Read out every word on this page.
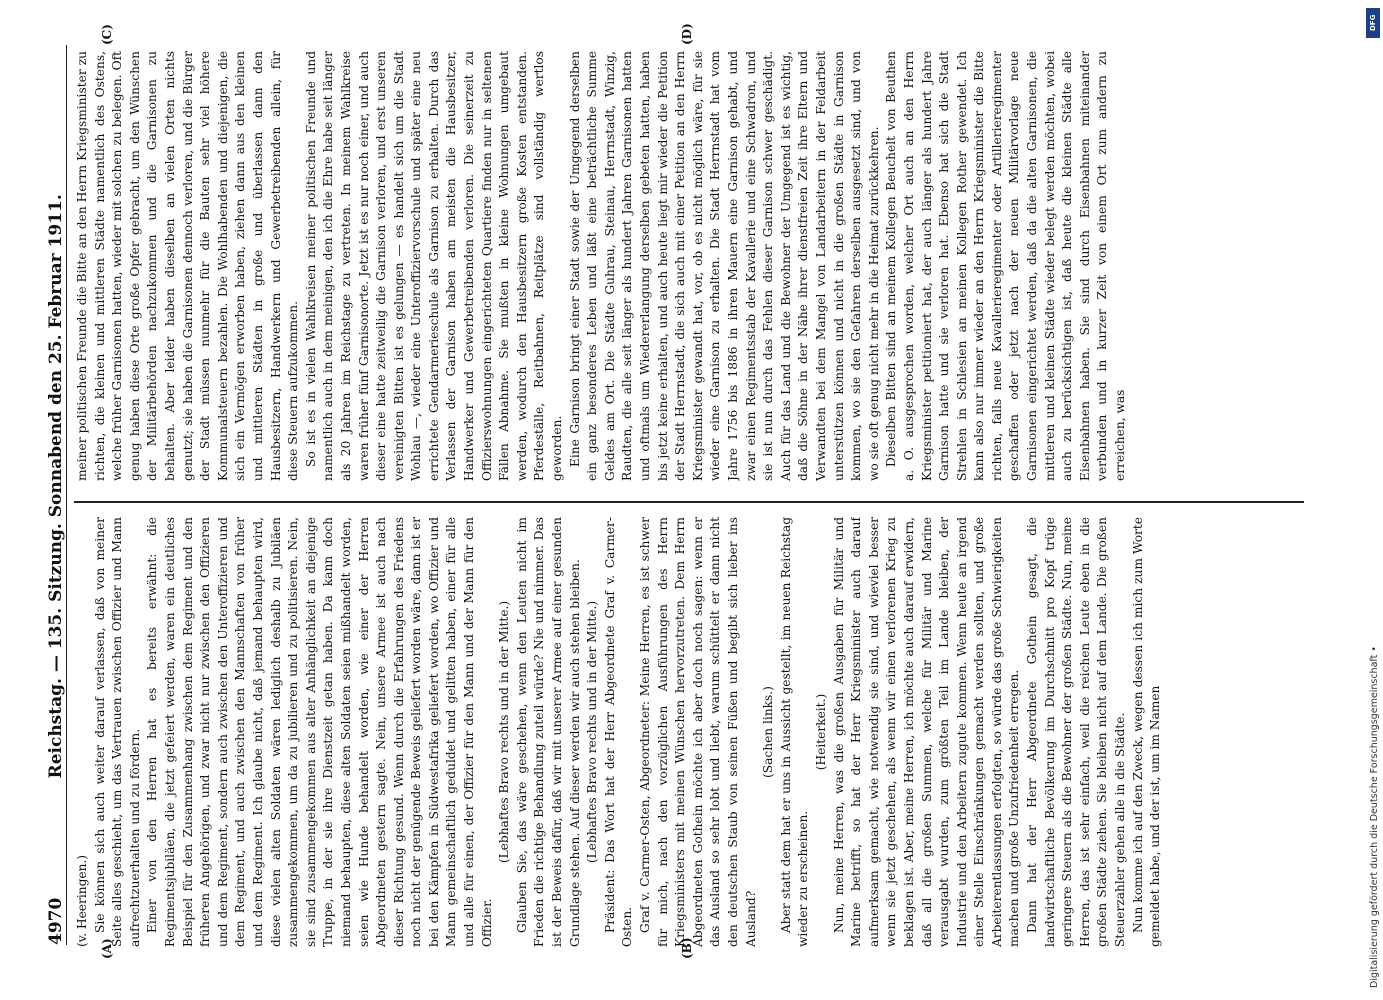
4970
Reichstag. — 135. Sitzung. Sonnabend den 25. Februar 1911.

(v. Heeringen.) Sie können sich auch weiter darauf verlassen, daß von meiner Seite alles geschieht, um das Vertrauen zwischen Offizier und Mann aufrechtzuerhalten und zu fördern. Einer von den Herren hat es bereits erwähnt: die Regimentsjubiläen, die jetzt gefeiert werden, waren ein deutliches Beispiel für den Zusammenhang zwischen dem Regiment und den früheren Angehörigen, und zwar nicht nur zwischen den Offizieren und dem Regiment, sondern auch zwischen den Unteroffizieren und dem Regiment, und auch zwischen den Mannschaften von früher und dem Regiment. Ich glaube nicht, daß jemand behaupten wird, diese vielen alten Soldaten wären lediglich deshalb zu Jubiläen zusammengekommen, um da zu jubilieren und zu politisieren. Nein, sie sind zusammengekommen aus alter Anhänglichkeit an diejenige Truppe, in der sie ihre Dienstzeit getan haben. Da kann doch niemand behaupten, diese alten Soldaten seien mißhandelt worden, seien wie Hunde behandelt worden, wie einer der Herren Abgeordneten gestern sagte. Nein, unsere Armee ist auch nach dieser Richtung gesund. Wenn durch die Erfahrungen des Friedens noch nicht der genügende Beweis geliefert worden wäre, dann ist er bei den Kämpfen in Südwestafrika geliefert worden, wo Offizier und Mann gemeinschaftlich geduldet und gelitten haben, einer für alle und alle für einen, der Offizier für den Mann und der Mann für den Offizier.

(Lebhaftes Bravo rechts und in der Mitte.) Glauben Sie, das wäre geschehen, wenn den Leuten nicht im Frieden die richtige Behandlung zuteil würde? Nie und nimmer. Das ist der Beweis dafür, daß wir mit unserer Armee auf einer gesunden Grundlage stehen. Auf dieser werden wir auch stehen bleiben. (Lebhaftes Bravo rechts und in der Mitte.) Präsident: Das Wort hat der Herr Abgeordnete Graf v. Carmer-Osten. Graf v. Carmer-Osten, Abgeordneter: Meine Herren, es ist schwer für mich, nach den vorzüglichen Ausführungen des Herrn Kriegsministers mit meinen Wünschen hervorzutreten. Dem Herrn Abgeordneten Gothein möchte ich aber doch noch sagen: wenn er das Ausland so sehr lobt und liebt, warum schüttelt er dann nicht den deutschen Staub von seinen Füßen und begibt sich lieber ins Ausland?

(Sachen links.) Aber statt dem hat er uns in Aussicht gestellt, im neuen Reichstag wieder zu erscheinen.

(Heiterkeit.) Nun, meine Herren, was die großen Ausgaben für Militär und Marine betrifft, so hat der Herr Kriegsminister auch darauf aufmerksam gemacht, wie notwendig sie sind, und wieviel besser wenn sie jetzt geschehen, als wenn wir einen verlorenen Krieg zu beklagen ist. Aber, meine Herren, ich möchte auch darauf erwidern, daß all die großen Summen, welche für Militär und Marine verausgabt wurden, zum größten Teil im Lande bleiben, der Industrie und den Arbeitern zugute kommen. Wenn heute an irgend einer Stelle Einschränkungen gemacht werden sollten, und große Arbeiterentlassungen erfolgten, so würde das große Schwierigkeiten machen und große Unzufriedenheit erregen. Dann hat der Herr Abgeordnete Gothein gesagt, die landwirtschaftliche Bevölkerung im Durchschnitt pro Kopf trüge geringere Steuern als die Bewohner der großen Städte. Nun, meine Herren, das ist sehr einfach, weil die reichen Leute eben in die großen Städte ziehen. Sie bleiben nicht auf dem Lande. Die großen Steuerzahler gehen alle in die Städte. Nun komme ich auf den Zweck, wegen dessen ich mich zum Worte gemeldet habe, und der ist, um im Namen

meiner politischen Freunde die Bitte an den Herrn Kriegsminister zu richten, die kleinen und mittleren Städte namentlich des Ostens, welche früher Garnisonen hatten, wieder mit solchen zu belegen. Oft genug haben diese Orte große Opfer gebracht, um den Wünschen der Militärbehörden nachzukommen und die Garnisonen zu behalten. Aber leider haben dieselben an vielen Orten nichts genutzt; sie haben die Garnisonen dennoch verloren, und die Bürger der Stadt müssen nunmehr für die Bauten sehr viel höhere Kommunalsteuern bezahlen. Die Wohlhabenden und diejenigen, die sich ein Vermögen erworben haben, ziehen dann aus den kleinen und mittleren Städten in große und überlassen dann den Hausbesitzern, Handwerkern und Gewerbetreibenden allein, für diese Steuern aufzukommen. So ist es in vielen Wahlkreisen meiner politischen Freunde und namentlich auch in dem meinigen, den ich die Ehre habe seit länger als 20 Jahren im Reichstage zu vertreten. In meinem Wahlkreise waren früher fünf Garnisonorte. Jetzt ist es nur noch einer, und auch dieser eine hatte zeitweilig die Garnison verloren, und erst unseren vereinigten Bitten ist es gelungen — es handelt sich um die Stadt Wohlau —, wieder eine Unteroffiziervorschule und später eine neu errichtete Gendarmerieschule als Garnison zu erhalten. Durch das Verlassen der Garnison haben am meisten die Hausbesitzer, Handwerker und Gewerbetreibenden verloren. Die seinerzeit zu Offizierswohnungen eingerichteten Quartiere finden nur in seltenen Fällen Abnahme. Sie mußten in kleine Wohnungen umgebaut werden, wodurch den Hausbesitzern große Kosten entstanden. Pferdeställe, Reitbahnen, Reitplätze sind vollständig wertlos geworden. Eine Garnison bringt einer Stadt sowie der Umgegend derselben ein ganz besonderes Leben und läßt eine beträchtliche Summe Geldes am Ort. Die Städte Guhrau, Steinau, Herrnstadt, Winzig, Raudten, die alle seit länger als hundert Jahren Garnisonen hatten und oftmals um Wiedererlangung derselben gebeten hatten, haben bis jetzt keine erhalten, und auch heute liegt mir wieder die Petition der Stadt Herrnstadt, die sich auch mit einer Petition an den Herrn Kriegsminister gewandt hat, vor, ob es nicht möglich wäre, für sie wieder eine Garnison zu erhalten. Die Stadt Herrnstadt hat vom Jahre 1756 bis 1886 in ihren Mauern eine Garnison gehabt, und zwar einen Regimentsstab der Kavallerie und eine Schwadron, und sie ist nun durch das Fehlen dieser Garnison schwer geschädigt. Auch für das Land und die Bewohner der Umgegend ist es wichtig, daß die Söhne in der Nähe ihrer dienstfreien Zeit ihre Eltern und Verwandten bei dem Mangel von Landarbeitern in der Feldarbeit unterstützen können und nicht in die großen Städte in Garnison kommen, wo sie den Gefahren derselben ausgesetzt sind, und von wo sie oft genug nicht mehr in die Heimat zurückkehren. Dieselben Bitten sind an meinem Kollegen Beuchelt von Beuthen a. O. ausgesprochen worden, welcher Ort auch an den Herrn Kriegsminister petitioniert hat, der auch länger als hundert Jahre Garnison hatte und sie verloren hat. Ebenso hat sich die Stadt Strehlen in Schlesien an meinen Kollegen Rother gewendet. Ich kann also nur immer wieder an den Herrn Kriegsminister die Bitte richten, falls neue Kavallerieregimenter oder Artillerieregimenter geschaffen oder jetzt nach der neuen Militärvorlage neue Garnisonen eingerichtet werden, daß da die alten Garnisonen, die mittleren und kleinen Städte wieder belegt werden möchten, wobei auch zu berücksichtigen ist, daß heute die kleinen Städte alle Eisenbahnen haben. Sie sind durch Eisenbahnen miteinander verbunden und in kurzer Zeit von einem Ort zum andern zu erreichen, was

(A)	(B)
(C)	(D)
Digitalisierung gefördert durch die Deutsche Forschungsgemeinschaft •
DFG
